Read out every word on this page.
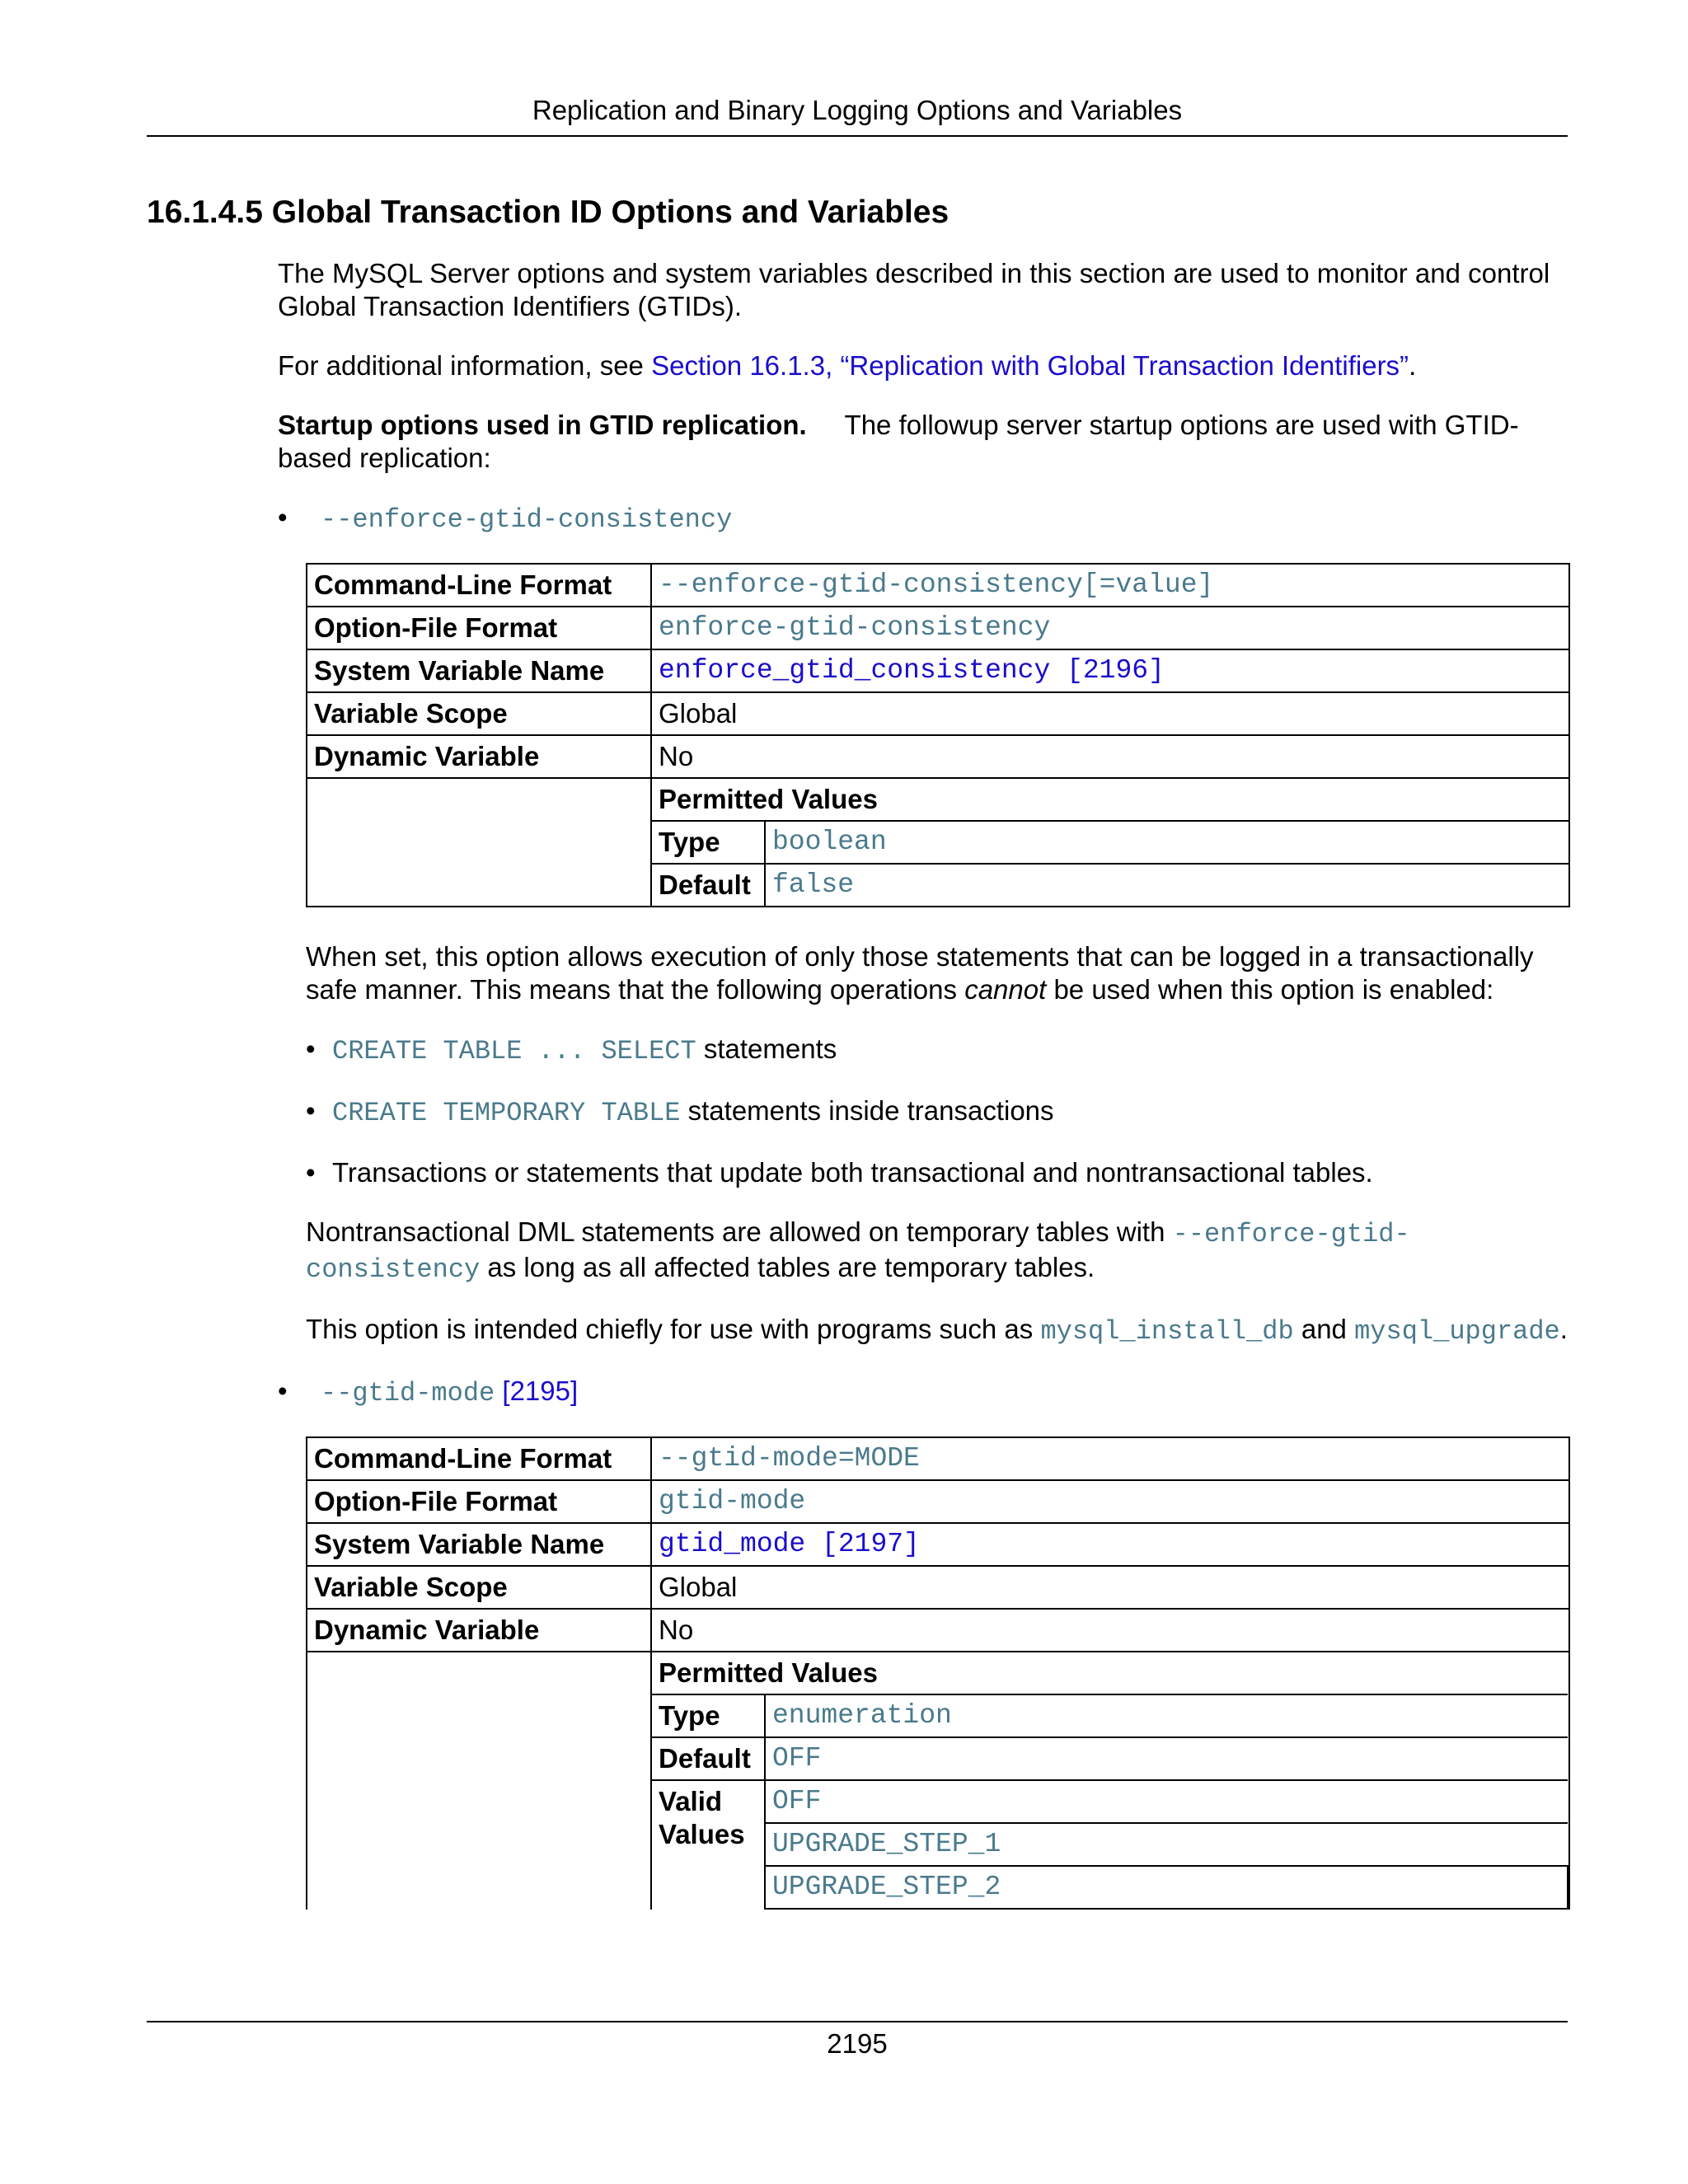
Replication and Binary Logging Options and Variables
16.1.4.5 Global Transaction ID Options and Variables

The MySQL Server options and system variables described in this section are used to monitor and control Global Transaction Identifiers (GTIDs).

For additional information, see Section 16.1.3, “Replication with Global Transaction Identifiers”.

Startup options used in GTID replication. The followup server startup options are used with GTID-based replication:

• --enforce-gtid-consistency
Command-Line Format	--enforce-gtid-consistency[=value]
Option-File Format	enforce-gtid-consistency
System Variable Name	enforce_gtid_consistency [2196]
Variable Scope	Global
Dynamic Variable	No

Permitted Values
Type	boolean
Default	false

When set, this option allows execution of only those statements that can be logged in a transactionally safe manner. This means that the following operations cannot be used when this option is enabled:

• CREATE TABLE ... SELECT statements
• CREATE TEMPORARY TABLE statements inside transactions
• Transactions or statements that update both transactional and nontransactional tables.

Nontransactional DML statements are allowed on temporary tables with --enforce-gtid-consistency as long as all affected tables are temporary tables.

This option is intended chiefly for use with programs such as mysql_install_db and mysql_upgrade.

• --gtid-mode [2195]
Command-Line Format	--gtid-mode=MODE
Option-File Format	gtid-mode
System Variable Name	gtid_mode [2197]
Variable Scope	Global
Dynamic Variable	No

Permitted Values
Type	enumeration
Default	OFF
Valid Values	OFF
UPGRADE_STEP_1
UPGRADE_STEP_2
2195
